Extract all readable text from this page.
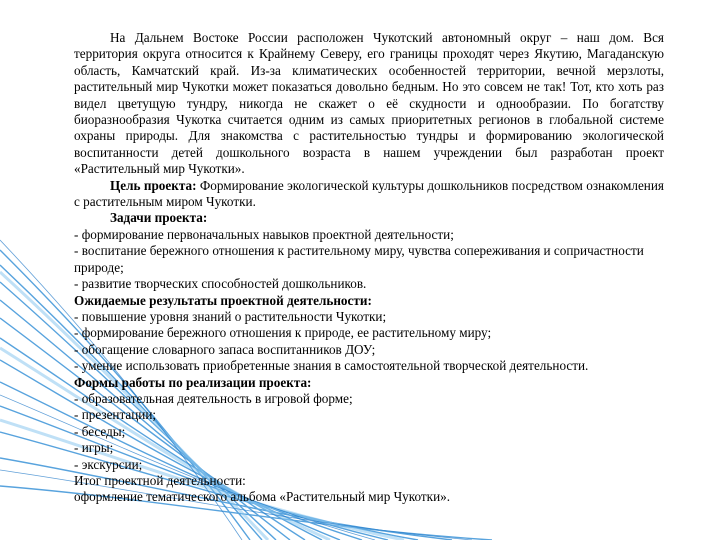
На Дальнем Востоке России расположен Чукотский автономный округ – наш дом. Вся территория округа относится к Крайнему Северу, его границы проходят через Якутию, Магаданскую область, Камчатский край. Из-за климатических особенностей территории, вечной мерзлоты, растительный мир Чукотки может показаться довольно бедным. Но это совсем не так! Тот, кто хоть раз видел цветущую тундру, никогда не скажет о её скудности и однообразии. По богатству биоразнообразия Чукотка считается одним из самых приоритетных регионов в глобальной системе охраны природы. Для знакомства с растительностью тундры и формированию экологической воспитанности детей дошкольного возраста в нашем учреждении был разработан проект «Растительный мир Чукотки».

Цель проекта: Формирование экологической культуры дошкольников посредством ознакомления с растительным миром Чукотки.

Задачи проекта:

- формирование первоначальных навыков проектной деятельности;

- воспитание бережного отношения к растительному миру, чувства сопереживания и сопричастности природе;

- развитие творческих способностей дошкольников.

Ожидаемые результаты проектной деятельности:

- повышение уровня знаний о растительности Чукотки;

- формирование бережного отношения к природе, ее растительному миру;

- обогащение словарного запаса воспитанников ДОУ;

- умение использовать приобретенные знания в самостоятельной творческой деятельности.

Формы работы по реализации проекта:

- образовательная деятельность в игровой форме;

- презентации;

- беседы;

- игры;

- экскурсии;

Итог проектной деятельности:

оформление тематического альбома «Растительный мир Чукотки».
